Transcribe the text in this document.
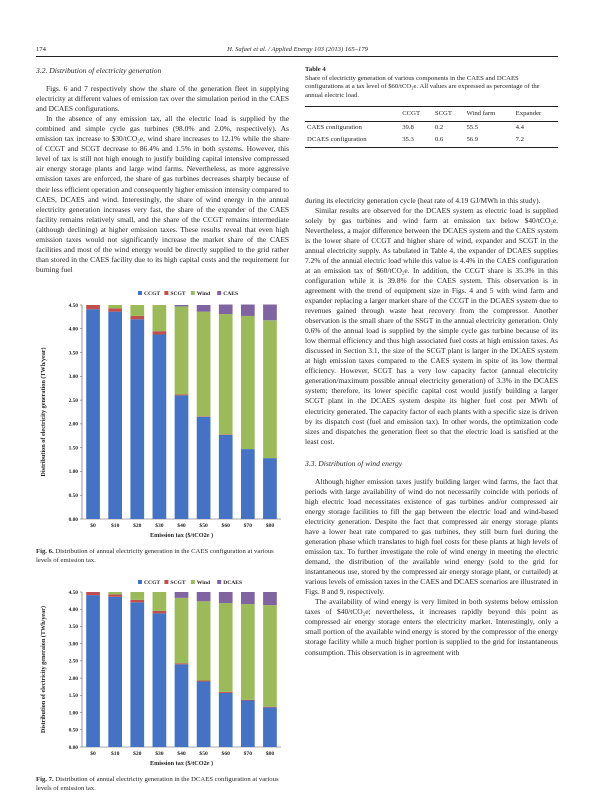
174	H. Safaei et al. / Applied Energy 103 (2013) 165–179
3.2. Distribution of electricity generation

Figs. 6 and 7 respectively show the share of the generation fleet in supplying electricity at different values of emission tax over the simulation period in the CAES and DCAES configurations.

In the absence of any emission tax, all the electric load is supplied by the combined and simple cycle gas turbines (98.0% and 2.0%, respectively). As emission tax increase to $30/tCO₂e, wind share increases to 12.1% while the share of CCGT and SCGT decrease to 86.4% and 1.5% in both systems. However, this level of tax is still not high enough to justify building capital intensive compressed air energy storage plants and large wind farms. Nevertheless, as more aggressive emission taxes are enforced, the share of gas turbines decreases sharply because of their less efficient operation and consequently higher emission intensity compared to CAES, DCAES and wind. Interestingly, the share of wind energy in the annual electricity generation increases very fast, the share of the expander of the CAES facility remains relatively small, and the share of the CCGT remains intermediate (although declining) at higher emission taxes. These results reveal that even high emission taxes would not significantly increase the market share of the CAES facilities and most of the wind energy would be directly supplied to the grid rather than stored in the CAES facility due to its high capital costs and the requirement for burning fuel

CCGT SCGT Wind CAES
0.00
0.50
1.00
1.50
2.00
2.50
3.00
3.50
4.00
4.50
$0	$10 $20 $30 $40 $50 $60 $70 $80
Emission tax ($/tCO2e )
Distribution of electricity generation (TWh/year)

Fig. 6. Distribution of annual electricity generation in the CAES configuration at various levels of emission tax.

CCGT SCGT Wind DCAES
0.00
0.50
1.00
1.50
2.00
2.50
3.00
3.50
4.00
4.50
$0	$10 $20 $30 $40 $50 $60 $70 $80
Emission tax ($/tCO2e )
Distribution of electricity generaion (TWh/year)

Fig. 7. Distribution of annual electricity generation in the DCAES configuration at various levels of emission tax.

Table 4

Share of electricity generation of various components in the CAES and DCAES configurations at a tax level of $60/tCO₂e. All values are expressed as percentage of the annual electric load.

	CCGT	SCGT	Wind farm	Expander
CAES configuration	39.8	0.2	55.5	4.4
DCAES configuration	35.3	0.6	56.9	7.2

during its electricity generation cycle (heat rate of 4.19 GJ/MWh in this study).

Similar results are observed for the DCAES system as electric load is supplied solely by gas turbines and wind farm at emission tax below $40/tCO₂e. Nevertheless, a major difference between the DCAES system and the CAES system is the lower share of CCGT and higher share of wind, expander and SCGT in the annual electricity supply. As tabulated in Table 4, the expander of DCAES supplies 7.2% of the annual electric load while this value is 4.4% in the CAES configuration at an emission tax of $60/tCO₂e. In addition, the CCGT share is 35.3% in this configuration while it is 39.8% for the CAES system. This observation is in agreement with the trend of equipment size in Figs. 4 and 5 with wind farm and expander replacing a larger market share of the CCGT in the DCAES system due to revenues gained through waste heat recovery from the compressor. Another observation is the small share of the SSGT in the annual electricity generation. Only 0.6% of the annual load is supplied by the simple cycle gas turbine because of its low thermal efficiency and thus high associated fuel costs at high emission taxes. As discussed in Section 3.1, the size of the SCGT plant is larger in the DCAES system at high emission taxes compared to the CAES system in spite of its low thermal efficiency. However, SCGT has a very low capacity factor (annual electricity generation/maximum possible annual electricity generation) of 3.3% in the DCAES system; therefore, its lower specific capital cost would justify building a larger SCGT plant in the DCAES system despite its higher fuel cost per MWh of electricity generated. The capacity factor of each plants with a specific size is driven by its dispatch cost (fuel and emission tax). In other words, the optimization code sizes and dispatches the generation fleet so that the electric load is satisfied at the least cost.

3.3. Distribution of wind energy

Although higher emission taxes justify building larger wind farms, the fact that periods with large availability of wind do not necessarily coincide with periods of high electric load necessitates existence of gas turbines and/or compressed air energy storage facilities to fill the gap between the electric load and wind-based electricity generation. Despite the fact that compressed air energy storage plants have a lower heat rate compared to gas turbines, they still burn fuel during the generation phase which translates to high fuel costs for these plants at high levels of emission tax. To further investigate the role of wind energy in meeting the electric demand, the distribution of the available wind energy (sold to the grid for instantaneous use, stored by the compressed air energy storage plant, or curtailed) at various levels of emission taxes in the CAES and DCAES scenarios are illustrated in Figs. 8 and 9, respectively.

The availability of wind energy is very limited in both systems below emission taxes of $40/tCO₂e; nevertheless, it increases rapidly beyond this point as compressed air energy storage enters the electricity market. Interestingly, only a small portion of the available wind energy is stored by the compressor of the energy storage facility while a much higher portion is supplied to the grid for instantaneous consumption. This observation is in agreement with
